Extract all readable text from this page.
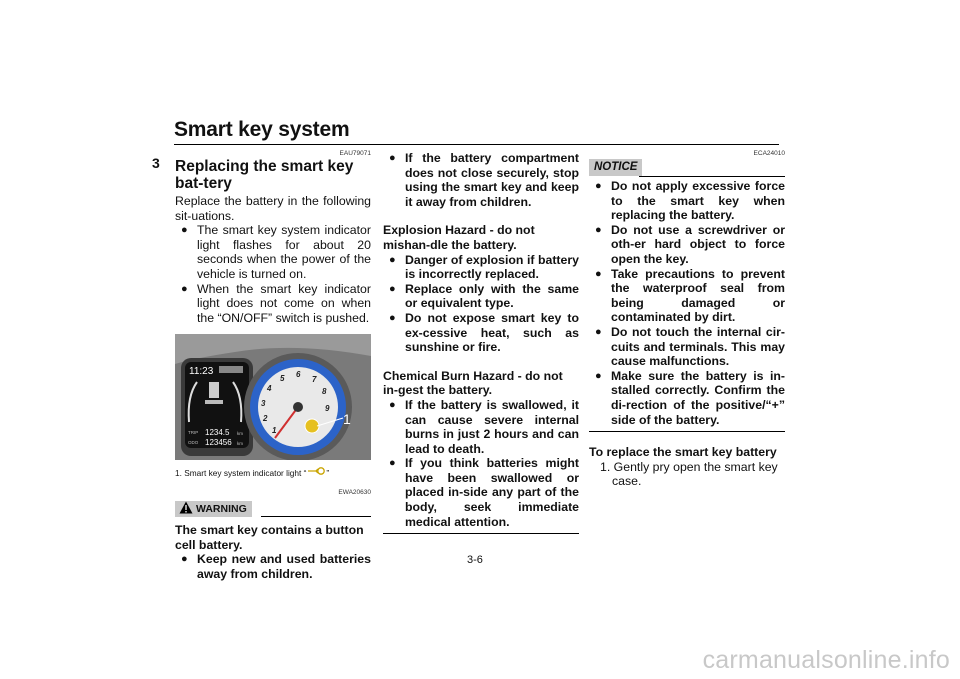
Smart key system
3
EAU79071
Replacing the smart key bat-tery

Replace the battery in the following sit-uations.

● The smart key system indicator light flashes for about 20 seconds when the power of the vehicle is turned on.
● When the smart key indicator light does not come on when the “ON/OFF” switch is pushed.
11:23
TRIP
ODO
1234.5
123456
km
km
1
2
3
4
5 6
7
8
9
1
1. Smart key system indicator light “ ”
EWA20630
WARNING

The smart key contains a button cell battery.

● Keep new and used batteries away from children.
● If the battery compartment does not close securely, stop using the smart key and keep it away from children.

Explosion Hazard - do not mishan-dle the battery.

● Danger of explosion if battery is incorrectly replaced.
● Replace only with the same or equivalent type.
● Do not expose smart key to ex-cessive heat, such as sunshine or fire.

Chemical Burn Hazard - do not in-gest the battery.

● If the battery is swallowed, it can cause severe internal burns in just 2 hours and can lead to death.
● If you think batteries might have been swallowed or placed in-side any part of the body, seek immediate medical attention.
ECA24010
NOTICE
● Do not apply excessive force to the smart key when replacing the battery.
● Do not use a screwdriver or oth-er hard object to force open the key.
● Take precautions to prevent the waterproof seal from being damaged or contaminated by dirt.
● Do not touch the internal cir-cuits and terminals. This may cause malfunctions.
● Make sure the battery is in-stalled correctly. Confirm the di-rection of the positive/“+” side of the battery.

To replace the smart key battery

1. Gently pry open the smart key case.
3-6
carmanualsonline.info
